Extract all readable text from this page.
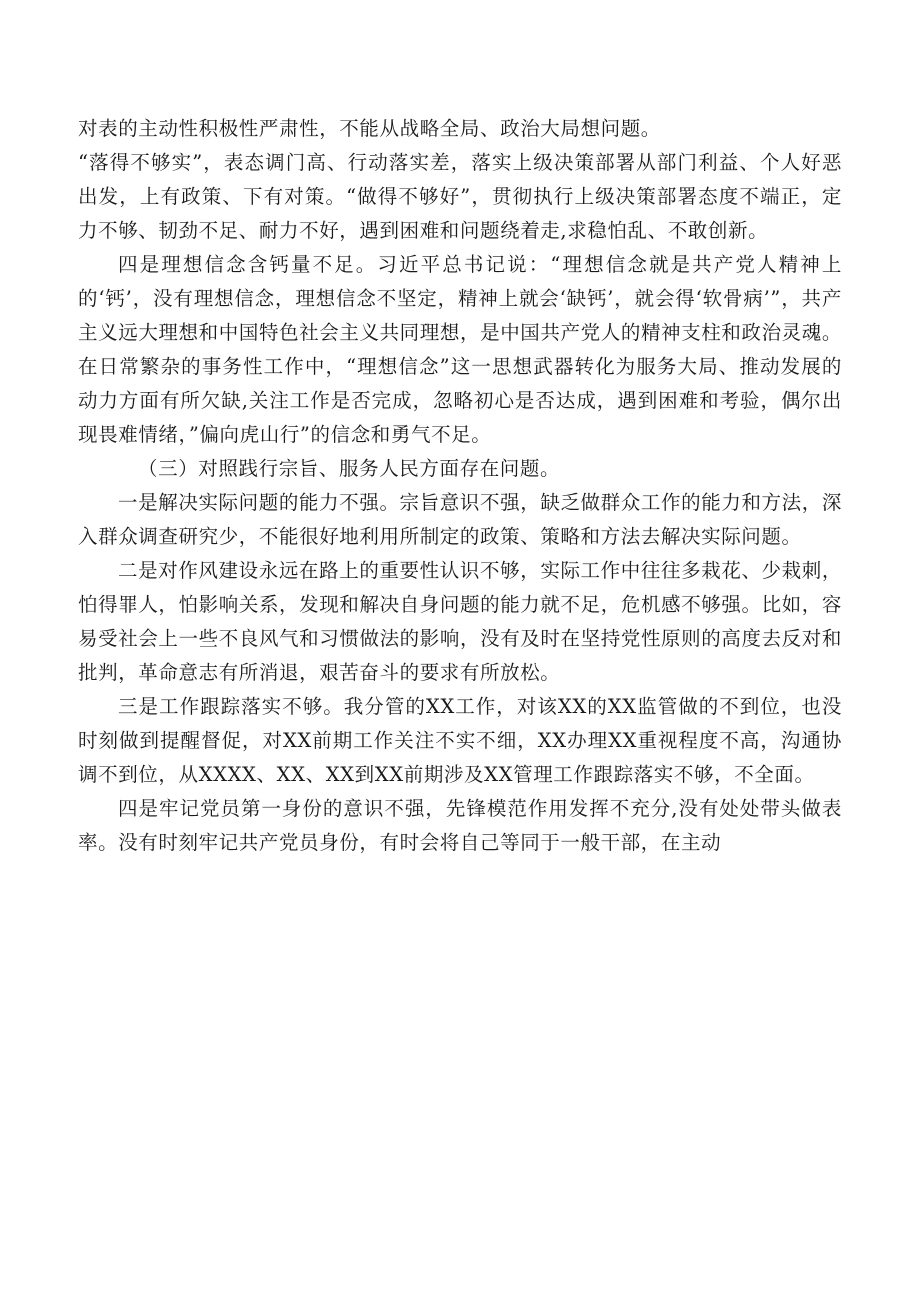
对表的主动性积极性严肃性，不能从战略全局、政治大局想问题。

“落得不够实”，表态调门高、行动落实差，落实上级决策部署从部门利益、个人好恶出发，上有政策、下有对策。“做得不够好”，贯彻执行上级决策部署态度不端正，定力不够、韧劲不足、耐力不好，遇到困难和问题绕着走,求稳怕乱、不敢创新。

四是理想信念含钙量不足。习近平总书记说：“理想信念就是共产党人精神上的‘钙’，没有理想信念，理想信念不坚定，精神上就会‘缺钙’，就会得‘软骨病’”，共产主义远大理想和中国特色社会主义共同理想，是中国共产党人的精神支柱和政治灵魂。在日常繁杂的事务性工作中，“理想信念”这一思想武器转化为服务大局、推动发展的动力方面有所欠缺,关注工作是否完成，忽略初心是否达成，遇到困难和考验，偶尔出现畏难情绪，”偏向虎山行”的信念和勇气不足。

（三）对照践行宗旨、服务人民方面存在问题。

一是解决实际问题的能力不强。宗旨意识不强，缺乏做群众工作的能力和方法，深入群众调查研究少，不能很好地利用所制定的政策、策略和方法去解决实际问题。

二是对作风建设永远在路上的重要性认识不够，实际工作中往往多栽花、少栽刺，怕得罪人，怕影响关系，发现和解决自身问题的能力就不足，危机感不够强。比如，容易受社会上一些不良风气和习惯做法的影响，没有及时在坚持党性原则的高度去反对和批判，革命意志有所消退，艰苦奋斗的要求有所放松。

三是工作跟踪落实不够。我分管的XX工作，对该XX的XX监管做的不到位，也没时刻做到提醒督促，对XX前期工作关注不实不细，XX办理XX重视程度不高，沟通协调不到位，从XXXX、XX、XX到XX前期涉及XX管理工作跟踪落实不够，不全面。

四是牢记党员第一身份的意识不强，先锋模范作用发挥不充分,没有处处带头做表率。没有时刻牢记共产党员身份，有时会将自己等同于一般干部，在主动
